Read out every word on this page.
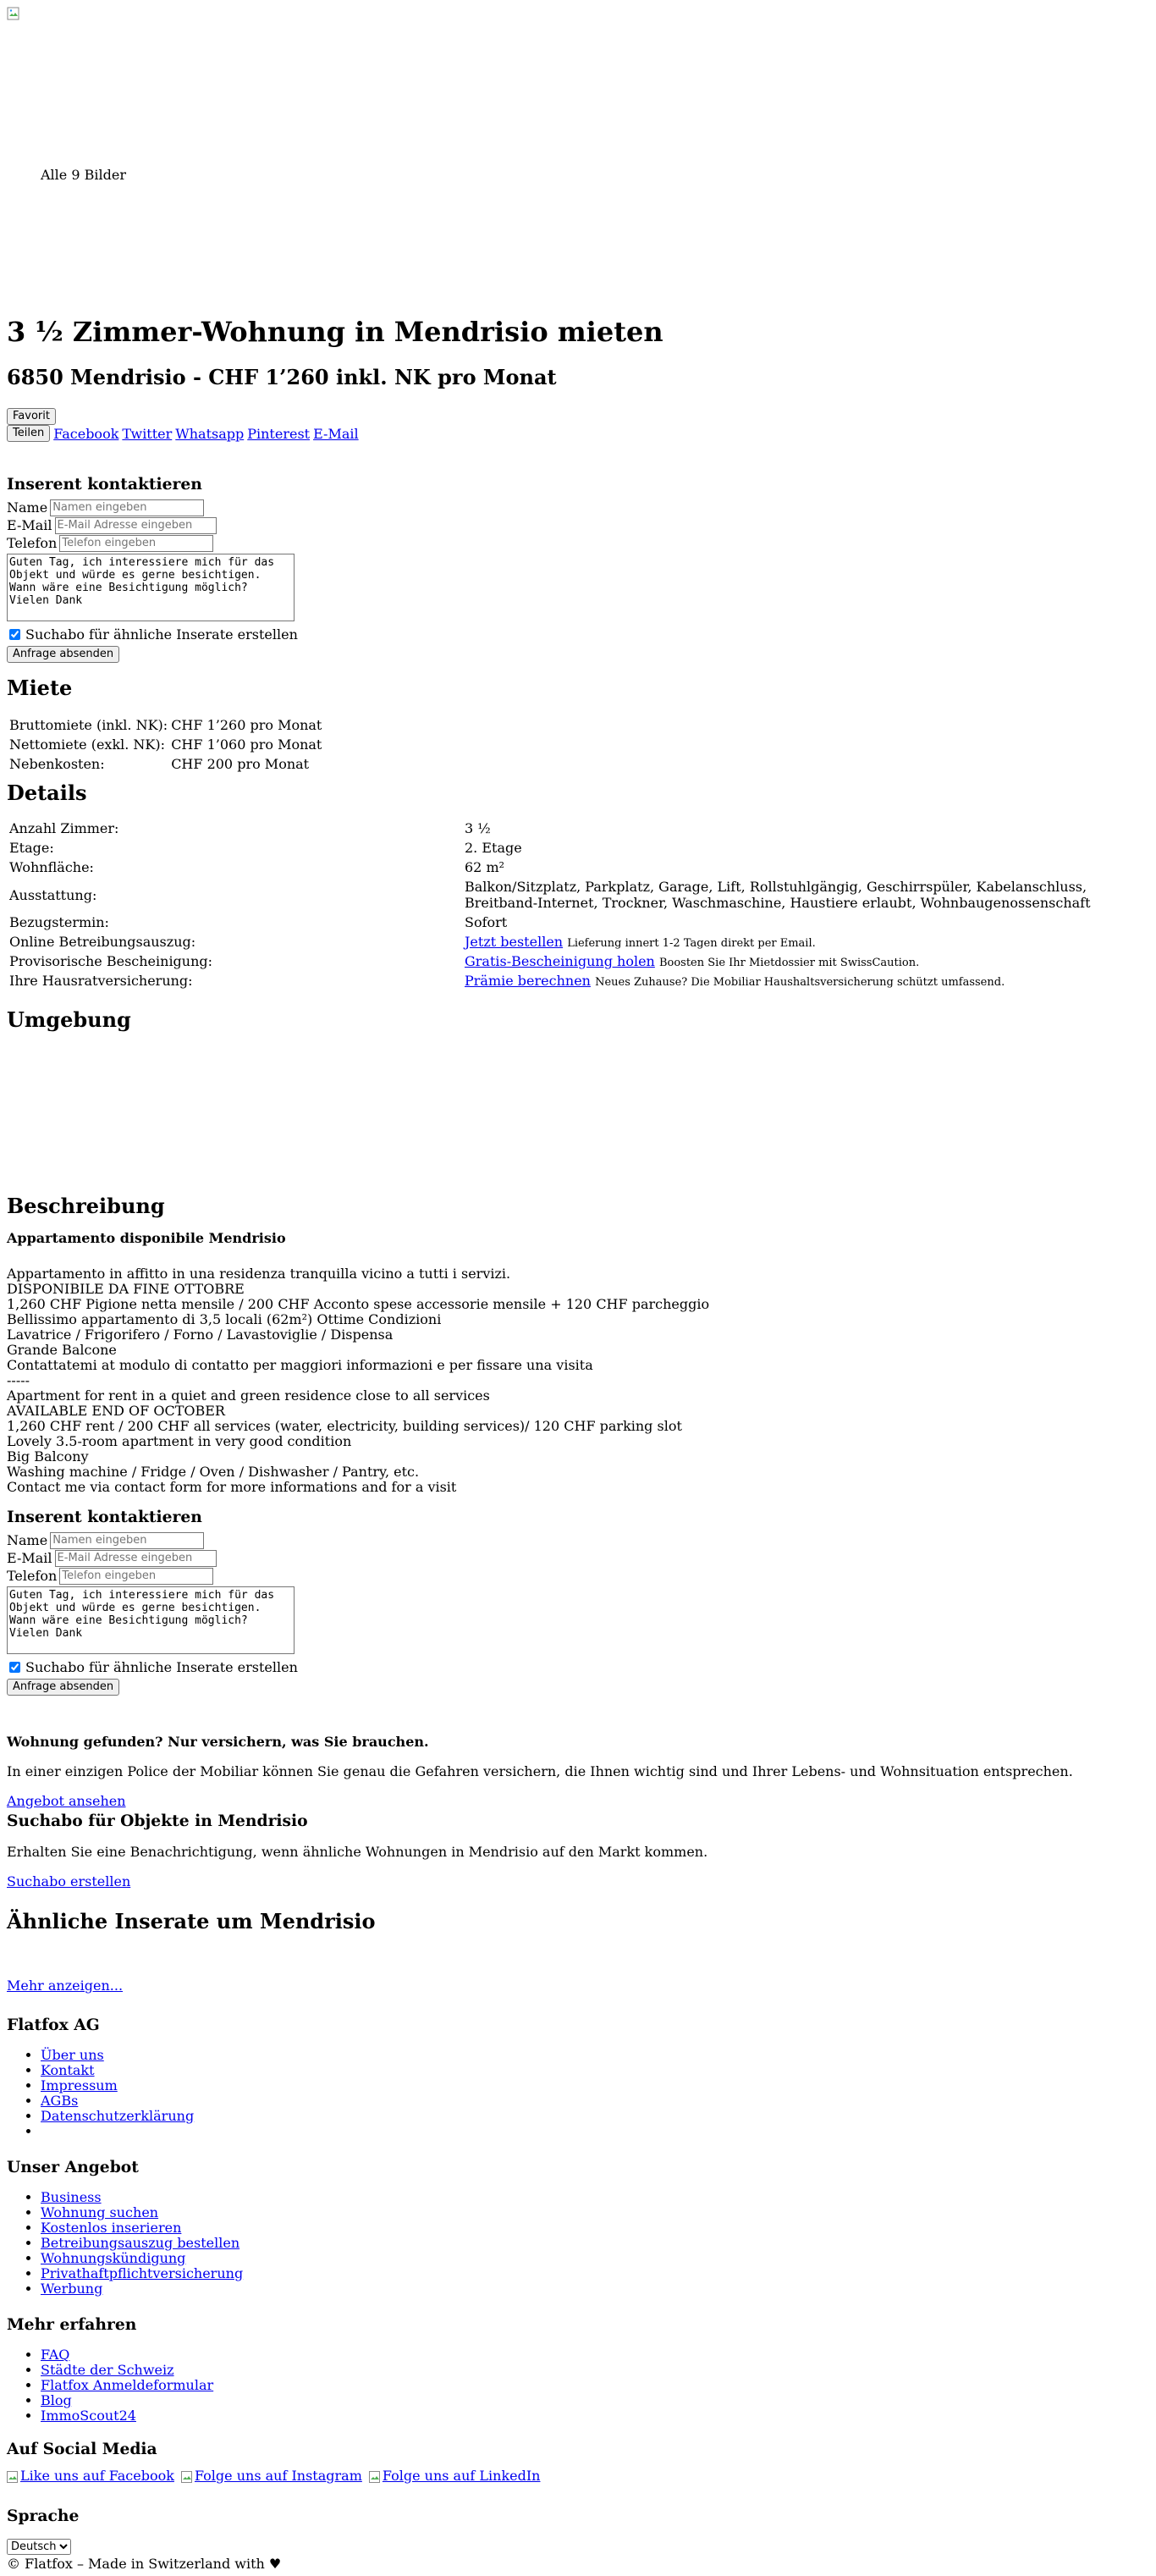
Alle 9 Bilder
3 ½ Zimmer-Wohnung in Mendrisio mieten
6850 Mendrisio - CHF 1’260 inkl. NK pro Monat
Favorit
Teilen Facebook Twitter Whatsapp Pinterest E-Mail
Inserent kontaktieren
Name
Namen eingeben
E-Mail
E-Mail Adresse eingeben
Telefon
Telefon eingeben
Guten Tag, ich interessiere mich für das Objekt und würde es gerne besichtigen. Wann wäre eine Besichtigung möglich? Vielen Dank
Suchabo für ähnliche Inserate erstellen
Anfrage absenden
Miete
Bruttomiete (inkl. NK):	CHF 1’260 pro Monat
Nettomiete (exkl. NK):	CHF 1’060 pro Monat
Nebenkosten:	CHF 200 pro Monat
Details
Anzahl Zimmer:	3 ½
Etage:	2. Etage
Wohnfläche:	62 m²
Ausstattung:	Balkon/Sitzplatz, Parkplatz, Garage, Lift, Rollstuhlgängig, Geschirrspüler, Kabelanschluss, Breitband-Internet, Trockner, Waschmaschine, Haustiere erlaubt, Wohnbaugenossenschaft
Bezugstermin:	Sofort
Online Betreibungsauszug:	Jetzt bestellen Lieferung innert 1-2 Tagen direkt per Email.
Provisorische Bescheinigung:	Gratis-Bescheinigung holen Boosten Sie Ihr Mietdossier mit SwissCaution.
Ihre Hausratversicherung:	Prämie berechnen Neues Zuhause? Die Mobiliar Haushaltsversicherung schützt umfassend.
Umgebung
Beschreibung
Appartamento disponibile Mendrisio
Appartamento in affitto in una residenza tranquilla vicino a tutti i servizi.
DISPONIBILE DA FINE OTTOBRE
1,260 CHF Pigione netta mensile / 200 CHF Acconto spese accessorie mensile + 120 CHF parcheggio
Bellissimo appartamento di 3,5 locali (62m²) Ottime Condizioni
Lavatrice / Frigorifero / Forno / Lavastoviglie / Dispensa
Grande Balcone
Contattatemi at modulo di contatto per maggiori informazioni e per fissare una visita
-----
Apartment for rent in a quiet and green residence close to all services
AVAILABLE END OF OCTOBER
1,260 CHF rent / 200 CHF all services (water, electricity, building services)/ 120 CHF parking slot
Lovely 3.5-room apartment in very good condition
Big Balcony
Washing machine / Fridge / Oven / Dishwasher / Pantry, etc.
Contact me via contact form for more informations and for a visit
Inserent kontaktieren
Name
Namen eingeben
E-Mail
E-Mail Adresse eingeben
Telefon
Telefon eingeben
Guten Tag, ich interessiere mich für das Objekt und würde es gerne besichtigen. Wann wäre eine Besichtigung möglich? Vielen Dank
Suchabo für ähnliche Inserate erstellen
Anfrage absenden
Wohnung gefunden? Nur versichern, was Sie brauchen.

In einer einzigen Police der Mobiliar können Sie genau die Gefahren versichern, die Ihnen wichtig sind und Ihrer Lebens- und Wohnsituation entsprechen.

Angebot ansehen
Suchabo für Objekte in Mendrisio

Erhalten Sie eine Benachrichtigung, wenn ähnliche Wohnungen in Mendrisio auf den Markt kommen.

Suchabo erstellen
Ähnliche Inserate um Mendrisio
Mehr anzeigen...
Flatfox AG
• Über uns
• Kontakt
• Impressum
• AGBs
• Datenschutzerklärung
•
Unser Angebot
• Business
• Wohnung suchen
• Kostenlos inserieren
• Betreibungsauszug bestellen
• Wohnungskündigung
• Privathaftpflichtversicherung
• Werbung
Mehr erfahren
• FAQ
• Städte der Schweiz
• Flatfox Anmeldeformular
• Blog
• ImmoScout24
Auf Social Media
Like uns auf Facebook Folge uns auf Instagram Folge uns auf LinkedIn
Sprache
Deutsch
© Flatfox – Made in Switzerland with ♥
